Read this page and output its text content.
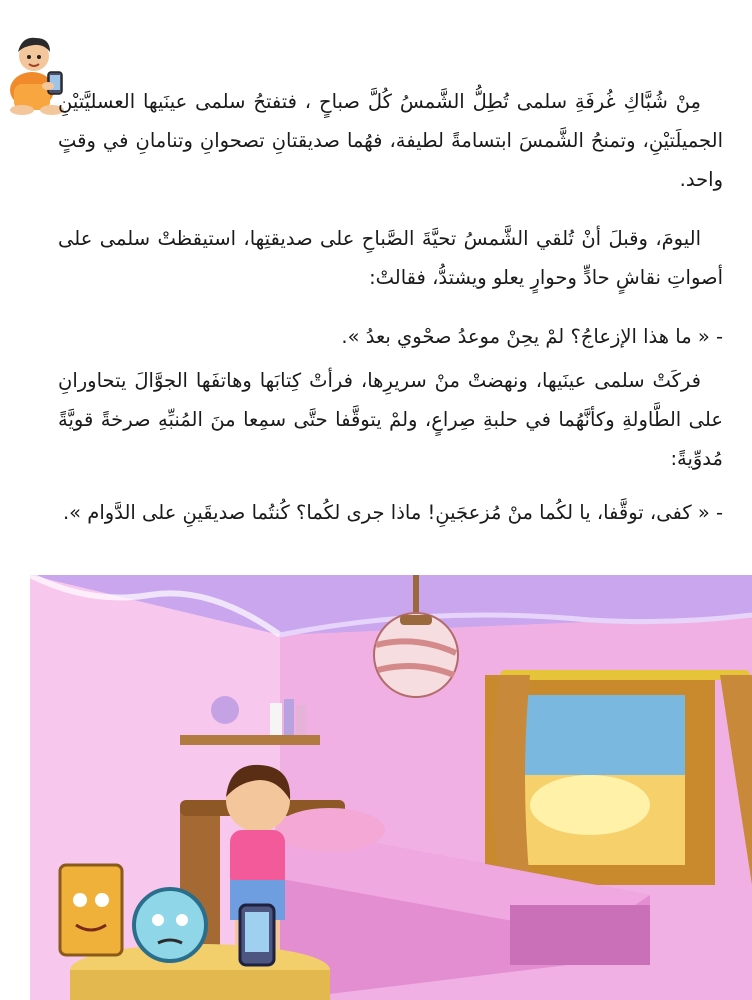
مِنْ شُبَّاكِ غُرفَةِ سلمى تُطِلُّ الشَّمسُ كُلَّ صباحٍ ، فتفتحُ سلمى عينَيها العسليَّتيْنِ الجميلَتيْنِ، وتمنحُ الشَّمسَ ابتسامةً لطيفة، فهُما صديقتانِ تصحوانِ وتنامانِ في وقتٍ واحد.

اليومَ، وقبلَ أنْ تُلقي الشَّمسُ تحيَّةَ الصَّباحِ على صديقتِها، استيقظتْ سلمى على أصواتِ نقاشٍ حادٍّ وحوارٍ يعلو ويشتدُّ، فقالتْ:

- « ما هذا الإزعاجُ؟ لمْ يحِنْ موعدُ صحْوي بعدُ ».

فركَتْ سلمى عينَيها، ونهضتْ منْ سريرِها، فرأتْ كِتابَها وهاتفَها الجوَّالَ يتحاورانِ على الطَّاولةِ وكأنَّهُما في حلبةِ صِراعٍ، ولمْ يتوقَّفا حتَّى سمِعا منَ المُنبِّهِ صرخةً قويَّةً مُدوِّيةً:

- « كفى، توقَّفا، يا لكُما منْ مُزعجَينِ! ماذا جرى لكُما؟ كُنتُما صديقَينِ على الدَّوام ».
